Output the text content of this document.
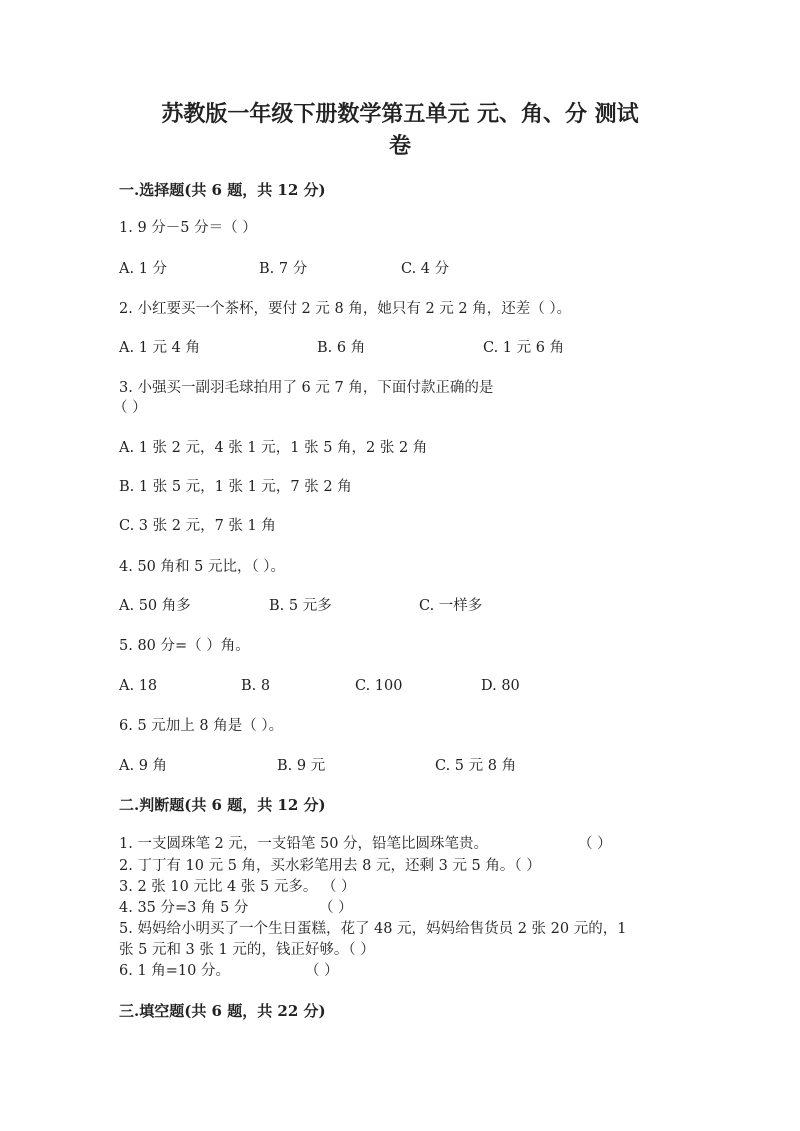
苏教版一年级下册数学第五单元 元、角、分 测试
卷
一.选择题(共 6 题，共 12 分)
1. 9 分－5 分＝（ ）
A. 1 分	B. 7 分	C. 4 分
2. 小红要买一个茶杯，要付 2 元 8 角，她只有 2 元 2 角，还差（ ）。
A. 1 元 4 角	B. 6 角	C. 1 元 6 角
3. 小强买一副羽毛球拍用了 6 元 7 角，下面付款正确的是
（ ）
A. 1 张 2 元，4 张 1 元，1 张 5 角，2 张 2 角
B. 1 张 5 元，1 张 1 元，7 张 2 角
C. 3 张 2 元，7 张 1 角
4. 50 角和 5 元比，（ ）。
A. 50 角多	B. 5 元多	C. 一样多
5. 80 分=（ ）角。
A. 18	B. 8	C. 100	D. 80
6. 5 元加上 8 角是（ ）。
A. 9 角	B. 9 元	C. 5 元 8 角
二.判断题(共 6 题，共 12 分)
1. 一支圆珠笔 2 元，一支铅笔 50 分，铅笔比圆珠笔贵。	（ ）
2. 丁丁有 10 元 5 角，买水彩笔用去 8 元，还剩 3 元 5 角。（ ）
3. 2 张 10 元比 4 张 5 元多。 （ ）
4. 35 分=3 角 5 分	（ ）
5. 妈妈给小明买了一个生日蛋糕，花了 48 元，妈妈给售货员 2 张 20 元的，1
张 5 元和 3 张 1 元的，钱正好够。（ ）
6. 1 角=10 分。	（ ）
三.填空题(共 6 题，共 22 分)
